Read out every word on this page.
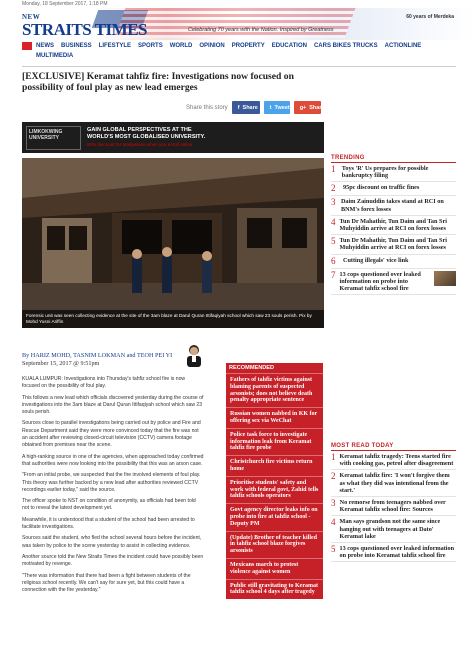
Monday, 18 September 2017, 1:18 PM
NEW
STRAITS TIMES
60 years of Merdeka
Celebrating 70 years with the Nation. Inspired by Greatness
NEWS BUSINESS LIFESTYLE SPORTS WORLD OPINION PROPERTY EDUCATION CARS BIKES TRUCKS ACTIONLINE
MULTIMEDIA
[EXCLUSIVE] Keramat tahfiz fire: Investigations now focused on possibility of foul play as new lead emerges
Share this story f Share t Tweet g+ Share
LIMKOKWING UNIVERSITY
GAIN GLOBAL PERSPECTIVES AT THE
WORLD'S MOST GLOBALISED UNIVERSITY.
50% discount for Malaysians when you enroll online
Forensic unit was seen collecting evidence at the site of the 3am blaze at Darul Quran Ittifaqiyah school which saw 23 souls perish. Pix by Mohd Yusni Ariffin
By HARIZ MOHD, TASNIM LOKMAN and TEOH PEI YI
September 15, 2017 @ 9:51pm

KUALA LUMPUR: Investigations into Thursday's tahfiz school fire is now focused on the possibility of foul play.

This follows a new lead which officials discovered yesterday during the course of investigations into the 3am blaze at Darul Quran Ittifaqiyah school which saw 23 souls perish.

Sources close to parallel investigations being carried out by police and Fire and Rescue Department said they were more convinced today that the fire was not an accident after reviewing closed-circuit television (CCTV) camera footage obtained from premises near the scene.

A high-ranking source in one of the agencies, when approached today confirmed that authorities were now looking into the possibility that this was an arson case.

"From an initial probe, we suspected that the fire involved elements of foul play. This theory was further backed by a new lead after authorities reviewed CCTV recordings earlier today," said the source.

The officer spoke to NST on condition of anonymity, as officials had been told not to reveal the latest development yet.

Meanwhile, it is understood that a student of the school had been arrested to facilitate investigations.

Sources said the student, who fled the school several hours before the incident, was taken by police to the scene yesterday to assist in collecting evidence.

Another source told the New Straits Times the incident could have possibly been motivated by revenge.

"There was information that there had been a fight between students of the religious school recently. We can't say for sure yet, but this could have a connection with the fire yesterday."

RECOMMENDED
Fathers of tahfiz victims against blaming parents of suspected arsonists; does not believe death penalty appropriate sentence
Russian women nabbed in KK for offering sex via WeChat
Police task force to investigate information leak from Keramat tahfiz fire probe
Christchurch fire victims return home
Prioritise students' safety and work with federal govt, Zahid tells tahfiz schools operators
Govt agency director leaks info on probe into fire at tahfiz school - Deputy PM
(Update) Brother of teacher killed in tahfiz school blaze forgives arsonists
Mexicans march to protest violence against women
Public still gravitating to Keramat tahfiz school 4 days after tragedy
TRENDING
1	Toys 'R' Us prepares for possible bankruptcy filing
2	95pc discount on traffic fines
3 Daim Zainuddin takes stand at RCI on BNM's forex losses
4 Tun Dr Mahathir, Tun Daim and Tan Sri Muhyiddin arrive at RCI on forex losses
5 Tun Dr Mahathir, Tun Daim and Tan Sri Muhyiddin arrive at RCI on forex losses
6	Cutting illegals' vice link
7 13 cops questioned over leaked information on probe into Keramat tahfiz school fire
MOST READ TODAY
1 Keramat tahfiz tragedy: Teens started fire with cooking gas, petrol after disagreement
2 Keramat tahfiz fire: 'I won't forgive them as what they did was intentional from the start.'
3 No remorse from teenagers nabbed over Keramat tahfiz school fire: Sources
4 Man says grandson not the same since hanging out with teenagers at Dato' Keramat lake
5 13 cops questioned over leaked information on probe into Keramat tahfiz school fire
